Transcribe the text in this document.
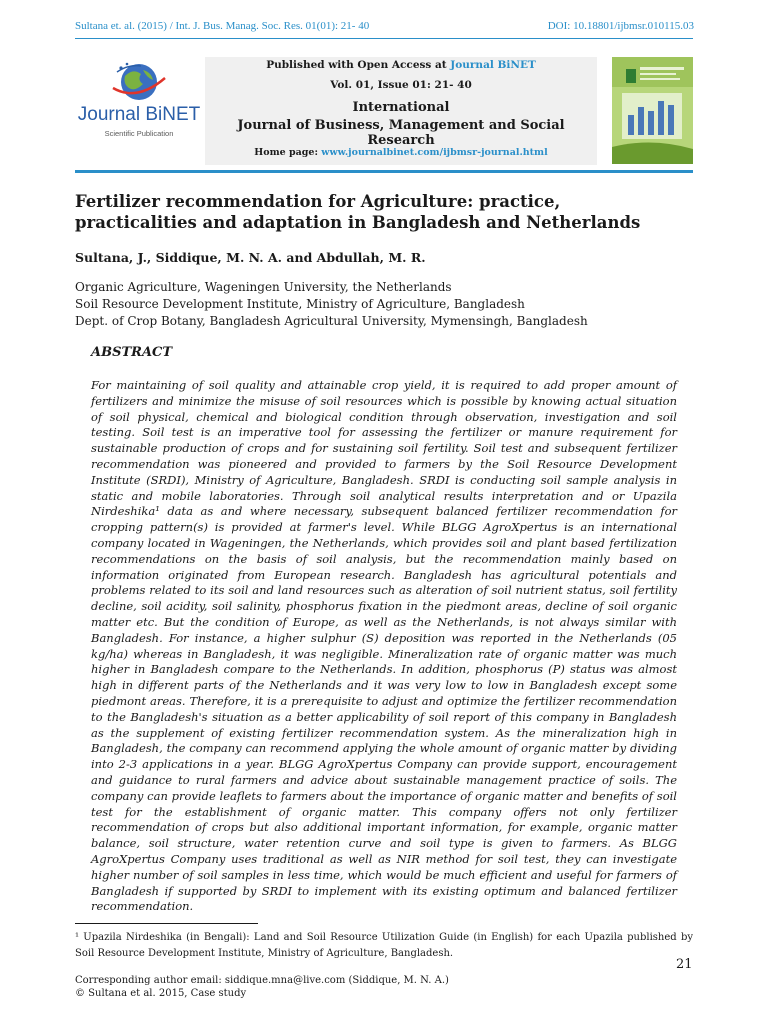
Sultana et. al. (2015) / Int. J. Bus. Manag. Soc. Res. 01(01): 21- 40	DOI: 10.18801/ijbmsr.010115.03
Journal BiNET
Scientific Publication
Published with Open Access at Journal BiNET
Vol. 01, Issue 01: 21- 40
International
Journal of Business, Management and Social Research
Home page: www.journalbinet.com/ijbmsr-journal.html
Fertilizer recommendation for Agriculture: practice, practicalities and adaptation in Bangladesh and Netherlands
Sultana, J., Siddique, M. N. A. and Abdullah, M. R.
Organic Agriculture, Wageningen University, the Netherlands
Soil Resource Development Institute, Ministry of Agriculture, Bangladesh
Dept. of Crop Botany, Bangladesh Agricultural University, Mymensingh, Bangladesh
ABSTRACT
For maintaining of soil quality and attainable crop yield, it is required to add proper amount of fertilizers and minimize the misuse of soil resources which is possible by knowing actual situation of soil physical, chemical and biological condition through observation, investigation and soil testing. Soil test is an imperative tool for assessing the fertilizer or manure requirement for sustainable production of crops and for sustaining soil fertility. Soil test and subsequent fertilizer recommendation was pioneered and provided to farmers by the Soil Resource Development Institute (SRDI), Ministry of Agriculture, Bangladesh. SRDI is conducting soil sample analysis in static and mobile laboratories. Through soil analytical results interpretation and or Upazila Nirdeshika¹ data as and where necessary, subsequent balanced fertilizer recommendation for cropping pattern(s) is provided at farmer's level. While BLGG AgroXpertus is an international company located in Wageningen, the Netherlands, which provides soil and plant based fertilization recommendations on the basis of soil analysis, but the recommendation mainly based on information originated from European research. Bangladesh has agricultural potentials and problems related to its soil and land resources such as alteration of soil nutrient status, soil fertility decline, soil acidity, soil salinity, phosphorus fixation in the piedmont areas, decline of soil organic matter etc. But the condition of Europe, as well as the Netherlands, is not always similar with Bangladesh. For instance, a higher sulphur (S) deposition was reported in the Netherlands (05 kg/ha) whereas in Bangladesh, it was negligible. Mineralization rate of organic matter was much higher in Bangladesh compare to the Netherlands. In addition, phosphorus (P) status was almost high in different parts of the Netherlands and it was very low to low in Bangladesh except some piedmont areas. Therefore, it is a prerequisite to adjust and optimize the fertilizer recommendation to the Bangladesh's situation as a better applicability of soil report of this company in Bangladesh as the supplement of existing fertilizer recommendation system. As the mineralization high in Bangladesh, the company can recommend applying the whole amount of organic matter by dividing into 2-3 applications in a year. BLGG AgroXpertus Company can provide support, encouragement and guidance to rural farmers and advice about sustainable management practice of soils. The company can provide leaflets to farmers about the importance of organic matter and benefits of soil test for the establishment of organic matter. This company offers not only fertilizer recommendation of crops but also additional important information, for example, organic matter balance, soil structure, water retention curve and soil type is given to farmers. As BLGG AgroXpertus Company uses traditional as well as NIR method for soil test, they can investigate higher number of soil samples in less time, which would be much efficient and useful for farmers of Bangladesh if supported by SRDI to implement with its existing optimum and balanced fertilizer recommendation.
¹ Upazila Nirdeshika (in Bengali): Land and Soil Resource Utilization Guide (in English) for each Upazila published by Soil Resource Development Institute, Ministry of Agriculture, Bangladesh.
21
Corresponding author email: siddique.mna@live.com (Siddique, M. N. A.)
© Sultana et al. 2015, Case study
